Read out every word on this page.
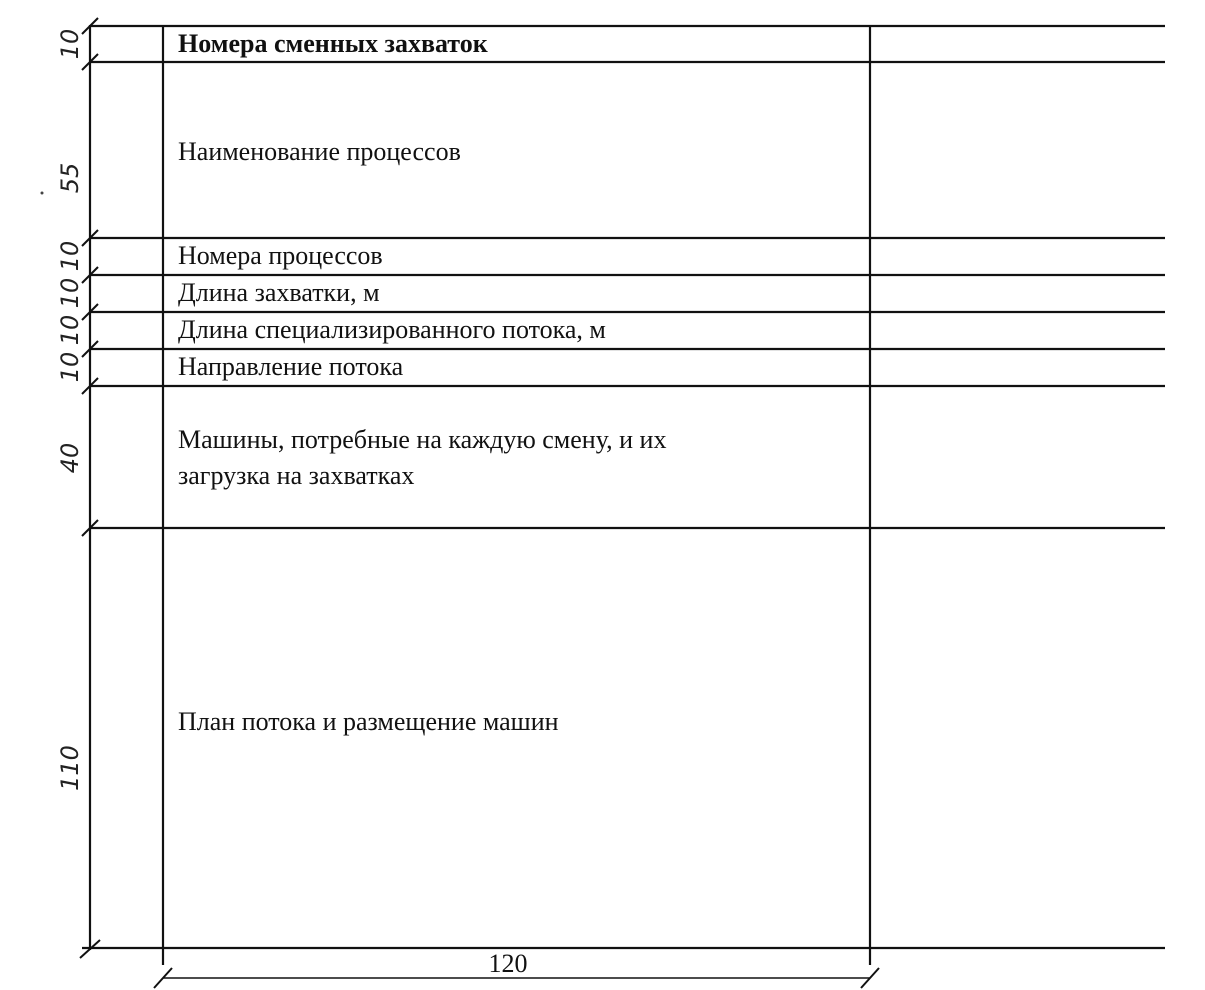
Номера сменных захваток
Наименование процессов
Номера процессов
Длина захватки, м
Длина специализированного потока, м
Направление потока
Машины, потребные на каждую смену, и их
загрузка на захватках
План потока и размещение машин
10
55
10
10
10
10
40
110
120
